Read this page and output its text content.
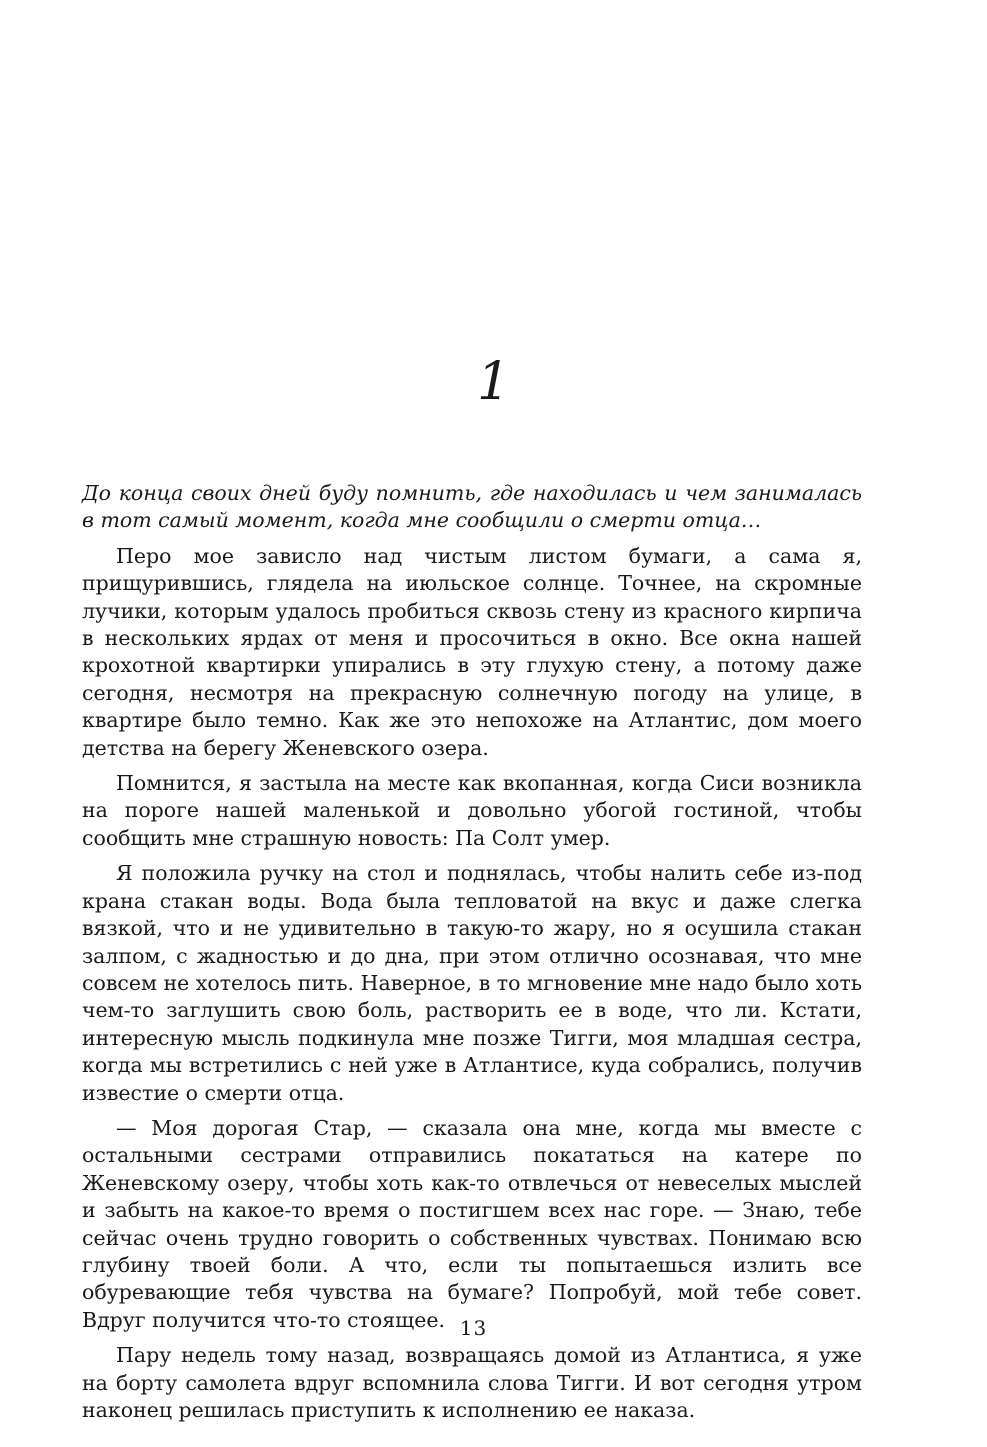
1

До конца своих дней буду помнить, где находилась и чем занималась в тот самый момент, когда мне сообщили о смерти отца…

Перо мое зависло над чистым листом бумаги, а сама я, прищурившись, глядела на июльское солнце. Точнее, на скромные лучики, которым удалось пробиться сквозь стену из красного кирпича в нескольких ярдах от меня и просочиться в окно. Все окна нашей крохотной квартирки упирались в эту глухую стену, а потому даже сегодня, несмотря на прекрасную солнечную погоду на улице, в квартире было темно. Как же это непохоже на Атлантис, дом моего детства на берегу Женевского озера.

Помнится, я застыла на месте как вкопанная, когда Сиси возникла на пороге нашей маленькой и довольно убогой гостиной, чтобы сообщить мне страшную новость: Па Солт умер.

Я положила ручку на стол и поднялась, чтобы налить себе из-под крана стакан воды. Вода была тепловатой на вкус и даже слегка вязкой, что и не удивительно в такую-то жару, но я осушила стакан залпом, с жадностью и до дна, при этом отлично осознавая, что мне совсем не хотелось пить. Наверное, в то мгновение мне надо было хоть чем-то заглушить свою боль, растворить ее в воде, что ли. Кстати, интересную мысль подкинула мне позже Тигги, моя младшая сестра, когда мы встретились с ней уже в Атлантисе, куда собрались, получив известие о смерти отца.

— Моя дорогая Стар, — сказала она мне, когда мы вместе с остальными сестрами отправились покататься на катере по Женевскому озеру, чтобы хоть как-то отвлечься от невеселых мыслей и забыть на какое-то время о постигшем всех нас горе. — Знаю, тебе сейчас очень трудно говорить о собственных чувствах. Понимаю всю глубину твоей боли. А что, если ты попытаешься излить все обуревающие тебя чувства на бумаге? Попробуй, мой тебе совет. Вдруг получится что-то стоящее.

Пару недель тому назад, возвращаясь домой из Атлантиса, я уже на борту самолета вдруг вспомнила слова Тигги. И вот сегодня утром наконец решилась приступить к исполнению ее наказа.

13
